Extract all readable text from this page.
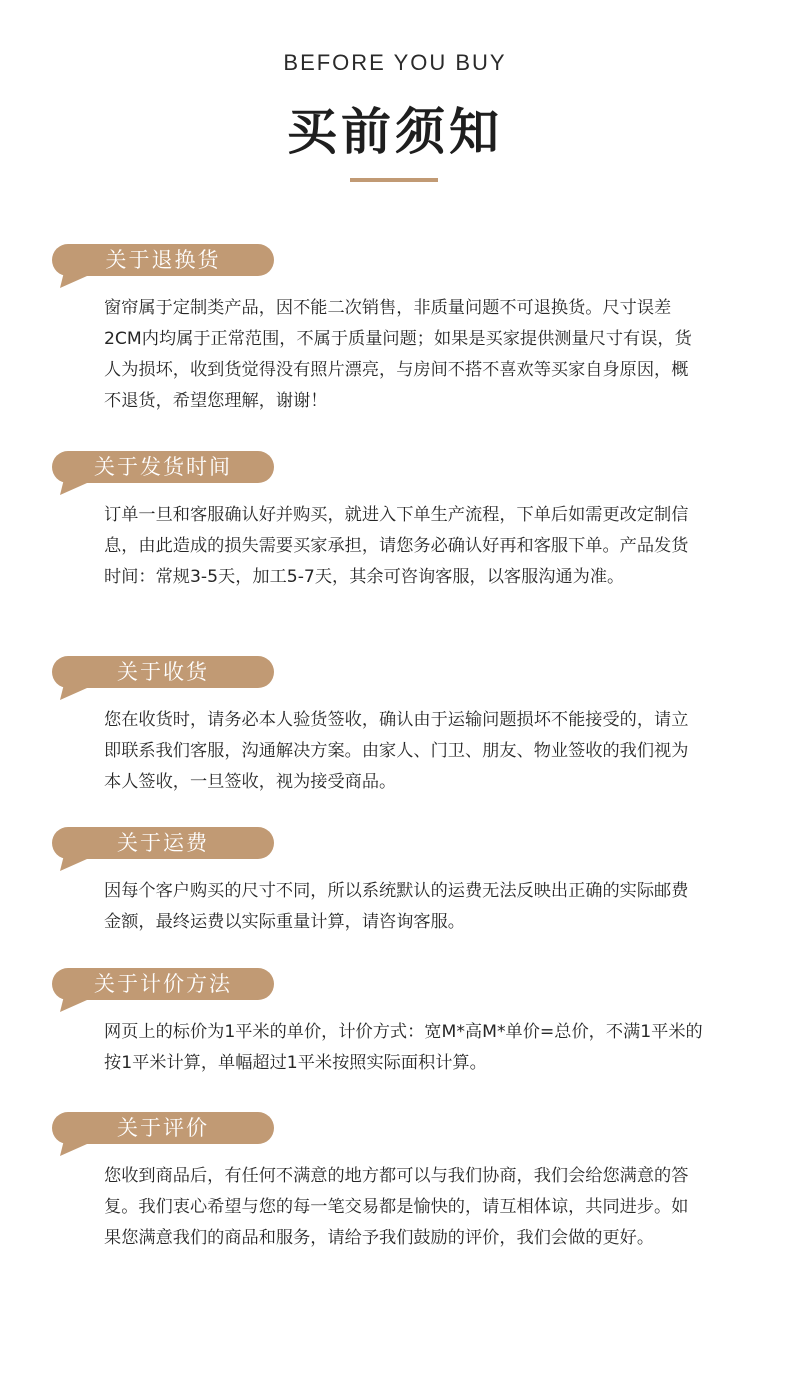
BEFORE YOU BUY
买前须知
关于退换货

窗帘属于定制类产品，因不能二次销售，非质量问题不可退换货。尺寸误差2CM内均属于正常范围，不属于质量问题；如果是买家提供测量尺寸有误，货人为损坏，收到货觉得没有照片漂亮，与房间不搭不喜欢等买家自身原因，概不退货，希望您理解，谢谢！

关于发货时间

订单一旦和客服确认好并购买，就进入下单生产流程，下单后如需更改定制信息，由此造成的损失需要买家承担，请您务必确认好再和客服下单。产品发货时间：常规3-5天，加工5-7天，其余可咨询客服，以客服沟通为准。

关于收货

您在收货时，请务必本人验货签收，确认由于运输问题损坏不能接受的，请立即联系我们客服，沟通解决方案。由家人、门卫、朋友、物业签收的我们视为本人签收，一旦签收，视为接受商品。

关于运费

因每个客户购买的尺寸不同，所以系统默认的运费无法反映出正确的实际邮费金额，最终运费以实际重量计算，请咨询客服。

关于计价方法

网页上的标价为1平米的单价，计价方式：宽M*高M*单价=总价，不满1平米的按1平米计算，单幅超过1平米按照实际面积计算。

关于评价

您收到商品后，有任何不满意的地方都可以与我们协商，我们会给您满意的答复。我们衷心希望与您的每一笔交易都是愉快的，请互相体谅，共同进步。如果您满意我们的商品和服务，请给予我们鼓励的评价，我们会做的更好。
